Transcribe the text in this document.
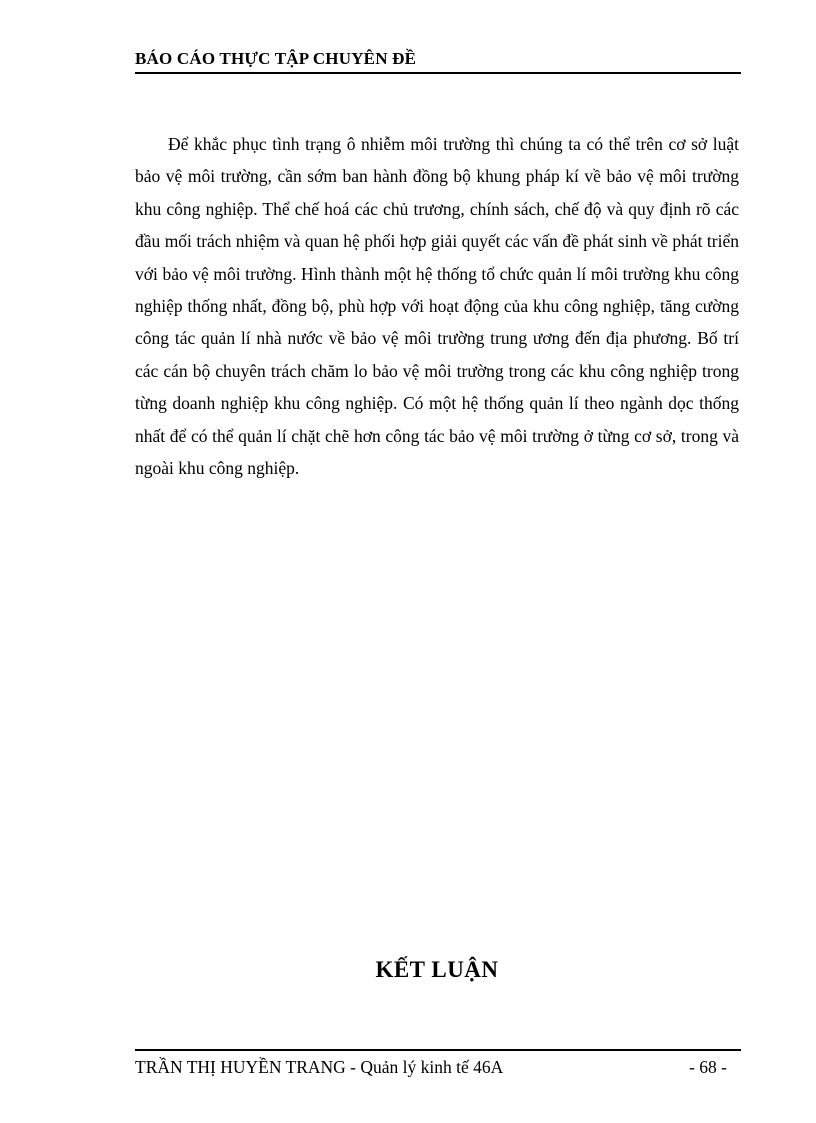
BÁO CÁO THỰC TẬP CHUYÊN ĐỀ

Để khắc phục tình trạng ô nhiễm môi trường thì chúng ta có thể trên cơ sở luật bảo vệ môi trường, cần sớm ban hành đồng bộ khung pháp kí về bảo vệ môi trường khu công nghiệp. Thể chế hoá các chủ trương, chính sách, chế độ và quy định rõ các đầu mối trách nhiệm và quan hệ phối hợp giải quyết các vấn đề phát sinh về phát triển với bảo vệ môi trường. Hình thành một hệ thống tổ chức quản lí môi trường khu công nghiệp thống nhất, đồng bộ, phù hợp với hoạt động của khu công nghiệp, tăng cường công tác quản lí nhà nước về bảo vệ môi trường trung ương đến địa phương. Bố trí các cán bộ chuyên trách chăm lo bảo vệ môi trường trong các khu công nghiệp trong từng doanh nghiệp khu công nghiệp. Có một hệ thống quản lí theo ngành dọc thống nhất để có thể quản lí chặt chẽ hơn công tác bảo vệ môi trường ở từng cơ sở, trong và ngoài khu công nghiệp.

KẾT LUẬN
TRẦN THỊ HUYỀN TRANG - Quản lý kinh tế 46A	- 68 -
